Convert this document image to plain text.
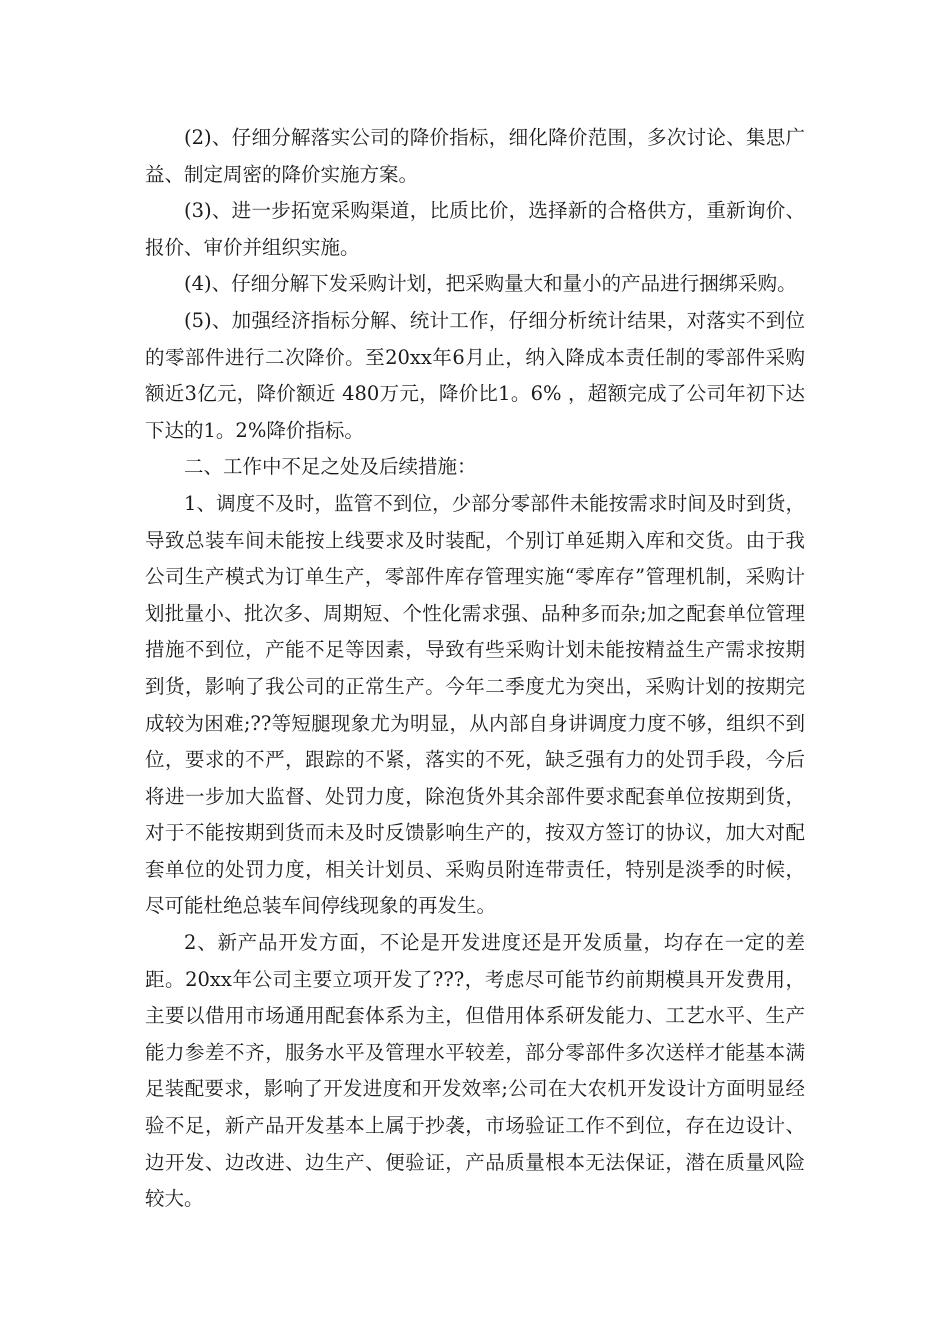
(2)、仔细分解落实公司的降价指标，细化降价范围，多次讨论、集思广益、制定周密的降价实施方案。

(3)、进一步拓宽采购渠道，比质比价，选择新的合格供方，重新询价、报价、审价并组织实施。

(4)、仔细分解下发采购计划，把采购量大和量小的产品进行捆绑采购。

(5)、加强经济指标分解、统计工作，仔细分析统计结果，对落实不到位的零部件进行二次降价。至20xx年6月止，纳入降成本责任制的零部件采购额近3亿元，降价额近 480万元，降价比1。6% ，超额完成了公司年初下达下达的1。2%降价指标。

二、工作中不足之处及后续措施：

1、调度不及时，监管不到位，少部分零部件未能按需求时间及时到货，导致总装车间未能按上线要求及时装配，个别订单延期入库和交货。由于我公司生产模式为订单生产，零部件库存管理实施“零库存”管理机制，采购计划批量小、批次多、周期短、个性化需求强、品种多而杂;加之配套单位管理措施不到位，产能不足等因素，导致有些采购计划未能按精益生产需求按期到货，影响了我公司的正常生产。今年二季度尤为突出，采购计划的按期完成较为困难;??等短腿现象尤为明显，从内部自身讲调度力度不够，组织不到位，要求的不严，跟踪的不紧，落实的不死，缺乏强有力的处罚手段，今后将进一步加大监督、处罚力度，除泡货外其余部件要求配套单位按期到货，对于不能按期到货而未及时反馈影响生产的，按双方签订的协议，加大对配套单位的处罚力度，相关计划员、采购员附连带责任，特别是淡季的时候，尽可能杜绝总装车间停线现象的再发生。

2、新产品开发方面，不论是开发进度还是开发质量，均存在一定的差距。20xx年公司主要立项开发了???，考虑尽可能节约前期模具开发费用，主要以借用市场通用配套体系为主，但借用体系研发能力、工艺水平、生产能力参差不齐，服务水平及管理水平较差，部分零部件多次送样才能基本满足装配要求，影响了开发进度和开发效率;公司在大农机开发设计方面明显经验不足，新产品开发基本上属于抄袭，市场验证工作不到位，存在边设计、边开发、边改进、边生产、便验证，产品质量根本无法保证，潜在质量风险较大。
